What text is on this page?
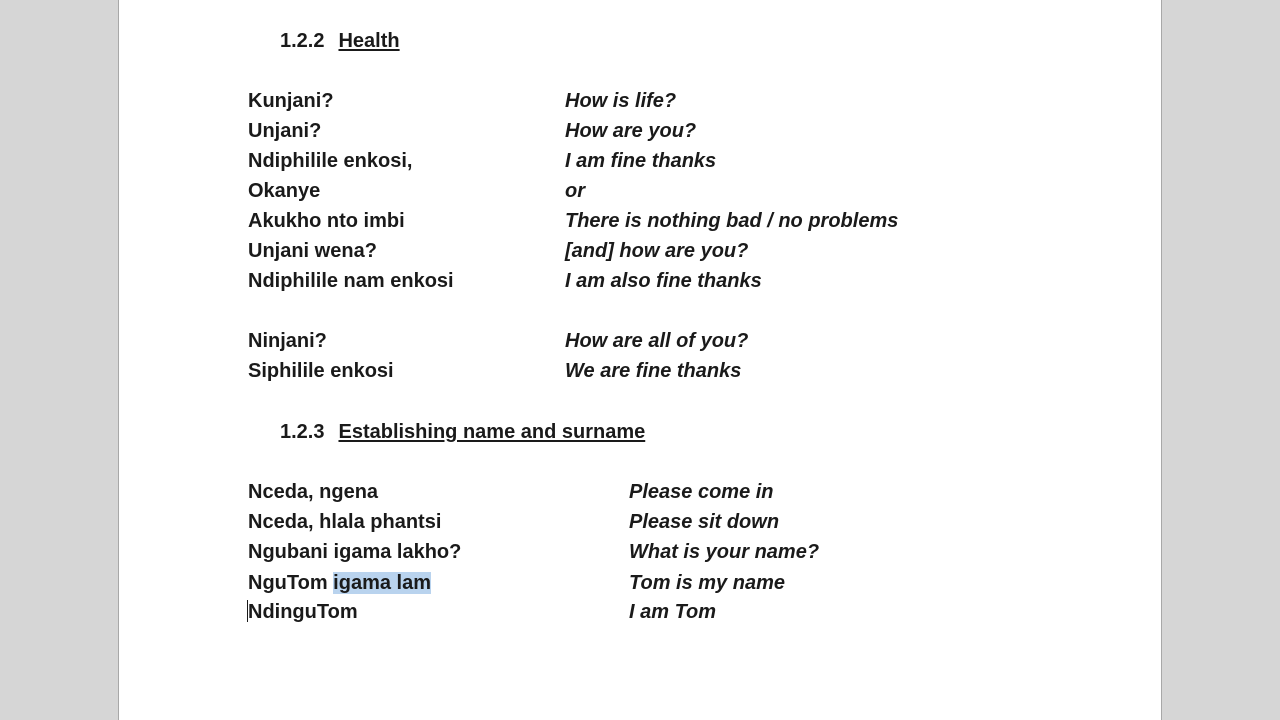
1.2.2 Health
Kunjani?	How is life?
Unjani?	How are you?
Ndiphilile enkosi,	I am fine thanks
Okanye	or
Akukho nto imbi	There is nothing bad / no problems
Unjani wena?	[and] how are you?
Ndiphilile nam enkosi	I am also fine thanks
Ninjani?	How are all of you?
Siphilile enkosi	We are fine thanks
1.2.3 Establishing name and surname
Nceda, ngena	Please come in
Nceda, hlala phantsi	Please sit down
Ngubani igama lakho?	What is your name?
NguTom igama lam	Tom is my name
NdinguTom	I am Tom
